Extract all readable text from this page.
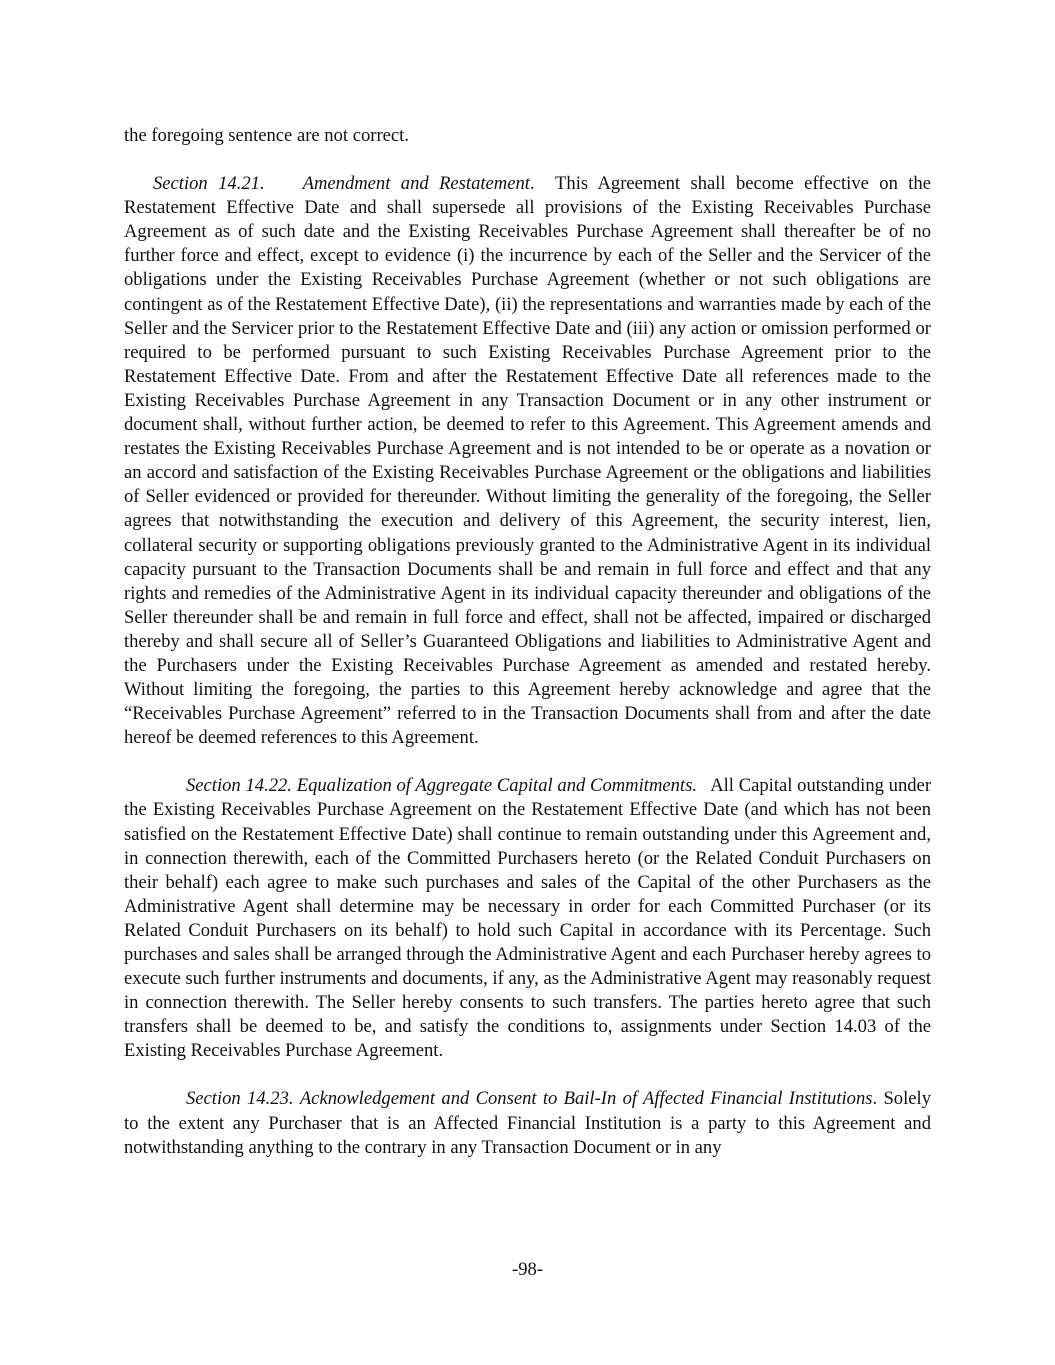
the foregoing sentence are not correct.

Section 14.21. Amendment and Restatement. This Agreement shall become effective on the Restatement Effective Date and shall supersede all provisions of the Existing Receivables Purchase Agreement as of such date and the Existing Receivables Purchase Agreement shall thereafter be of no further force and effect, except to evidence (i) the incurrence by each of the Seller and the Servicer of the obligations under the Existing Receivables Purchase Agreement (whether or not such obligations are contingent as of the Restatement Effective Date), (ii) the representations and warranties made by each of the Seller and the Servicer prior to the Restatement Effective Date and (iii) any action or omission performed or required to be performed pursuant to such Existing Receivables Purchase Agreement prior to the Restatement Effective Date. From and after the Restatement Effective Date all references made to the Existing Receivables Purchase Agreement in any Transaction Document or in any other instrument or document shall, without further action, be deemed to refer to this Agreement. This Agreement amends and restates the Existing Receivables Purchase Agreement and is not intended to be or operate as a novation or an accord and satisfaction of the Existing Receivables Purchase Agreement or the obligations and liabilities of Seller evidenced or provided for thereunder. Without limiting the generality of the foregoing, the Seller agrees that notwithstanding the execution and delivery of this Agreement, the security interest, lien, collateral security or supporting obligations previously granted to the Administrative Agent in its individual capacity pursuant to the Transaction Documents shall be and remain in full force and effect and that any rights and remedies of the Administrative Agent in its individual capacity thereunder and obligations of the Seller thereunder shall be and remain in full force and effect, shall not be affected, impaired or discharged thereby and shall secure all of Seller’s Guaranteed Obligations and liabilities to Administrative Agent and the Purchasers under the Existing Receivables Purchase Agreement as amended and restated hereby. Without limiting the foregoing, the parties to this Agreement hereby acknowledge and agree that the “Receivables Purchase Agreement” referred to in the Transaction Documents shall from and after the date hereof be deemed references to this Agreement.

Section 14.22. Equalization of Aggregate Capital and Commitments. All Capital outstanding under the Existing Receivables Purchase Agreement on the Restatement Effective Date (and which has not been satisfied on the Restatement Effective Date) shall continue to remain outstanding under this Agreement and, in connection therewith, each of the Committed Purchasers hereto (or the Related Conduit Purchasers on their behalf) each agree to make such purchases and sales of the Capital of the other Purchasers as the Administrative Agent shall determine may be necessary in order for each Committed Purchaser (or its Related Conduit Purchasers on its behalf) to hold such Capital in accordance with its Percentage. Such purchases and sales shall be arranged through the Administrative Agent and each Purchaser hereby agrees to execute such further instruments and documents, if any, as the Administrative Agent may reasonably request in connection therewith. The Seller hereby consents to such transfers. The parties hereto agree that such transfers shall be deemed to be, and satisfy the conditions to, assignments under Section 14.03 of the Existing Receivables Purchase Agreement.

Section 14.23. Acknowledgement and Consent to Bail-In of Affected Financial Institutions. Solely to the extent any Purchaser that is an Affected Financial Institution is a party to this Agreement and notwithstanding anything to the contrary in any Transaction Document or in any

-98-
